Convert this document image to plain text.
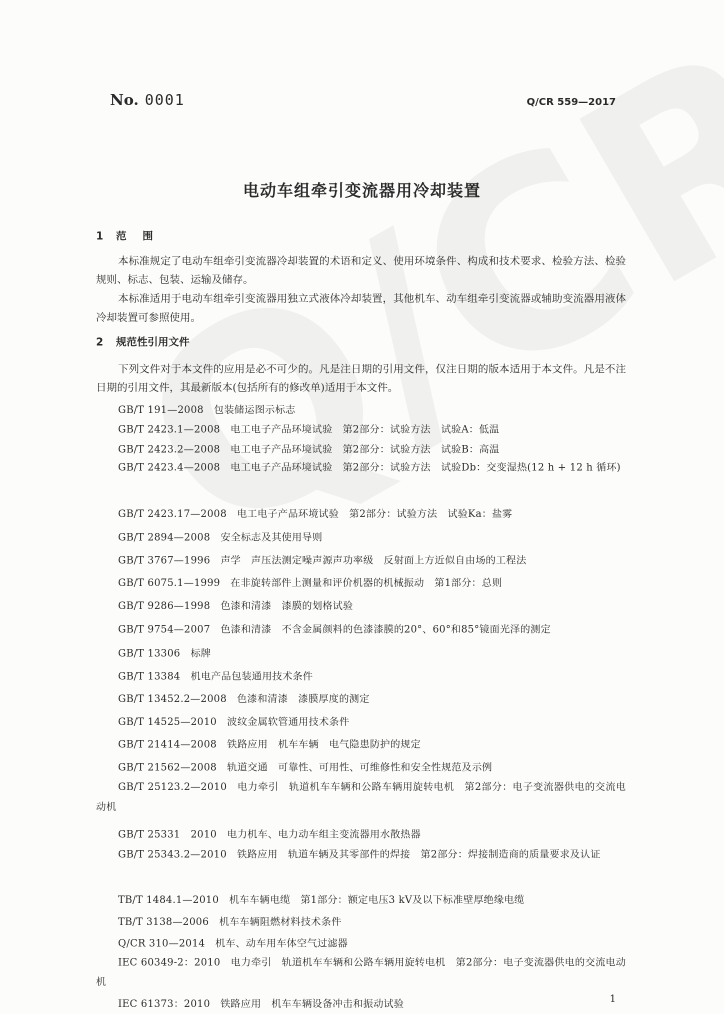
No. 0001	Q/CR 559—2017
电动车组牵引变流器用冷却装置
1 范围
本标准规定了电动车组牵引变流器冷却装置的术语和定义、使用环境条件、构成和技术要求、检验方法、检验规则、标志、包装、运输及储存。
本标准适用于电动车组牵引变流器用独立式液体冷却装置，其他机车、动车组牵引变流器或辅助变流器用液体冷却装置可参照使用。
2 规范性引用文件
下列文件对于本文件的应用是必不可少的。凡是注日期的引用文件，仅注日期的版本适用于本文件。凡是不注日期的引用文件，其最新版本(包括所有的修改单)适用于本文件。
GB/T 191—2008　包装储运图示标志
GB/T 2423.1—2008　电工电子产品环境试验　第2部分：试验方法　试验A：低温
GB/T 2423.2—2008　电工电子产品环境试验　第2部分：试验方法　试验B：高温
GB/T 2423.4—2008　电工电子产品环境试验　第2部分：试验方法　试验Db：交变湿热(12 h + 12 h 循环)
GB/T 2423.17—2008　电工电子产品环境试验　第2部分：试验方法　试验Ka：盐雾
GB/T 2894—2008　安全标志及其使用导则
GB/T 3767—1996　声学　声压法测定噪声源声功率级　反射面上方近似自由场的工程法
GB/T 6075.1—1999　在非旋转部件上测量和评价机器的机械振动　第1部分：总则
GB/T 9286—1998　色漆和清漆　漆膜的划格试验
GB/T 9754—2007　色漆和清漆　不含金属颜料的色漆漆膜的20°、60°和85°镜面光泽的测定
GB/T 13306　标牌
GB/T 13384　机电产品包装通用技术条件
GB/T 13452.2—2008　色漆和清漆　漆膜厚度的测定
GB/T 14525—2010　波纹金属软管通用技术条件
GB/T 21414—2008　铁路应用　机车车辆　电气隐患防护的规定
GB/T 21562—2008　轨道交通　可靠性、可用性、可维修性和安全性规范及示例
GB/T 25123.2—2010　电力牵引　轨道机车车辆和公路车辆用旋转电机　第2部分：电子变流器供电的交流电动机
GB/T 25331　2010　电力机车、电力动车组主变流器用水散热器
GB/T 25343.2—2010　铁路应用　轨道车辆及其零部件的焊接　第2部分：焊接制造商的质量要求及认证
TB/T 1484.1—2010　机车车辆电缆　第1部分：额定电压3 kV及以下标准壁厚绝缘电缆
TB/T 3138—2006　机车车辆阻燃材料技术条件
Q/CR 310—2014　机车、动车用车体空气过滤器
IEC 60349-2：2010　电力牵引　轨道机车车辆和公路车辆用旋转电机　第2部分：电子变流器供电的交流电动机
IEC 61373：2010　铁路应用　机车车辆设备冲击和振动试验	1
